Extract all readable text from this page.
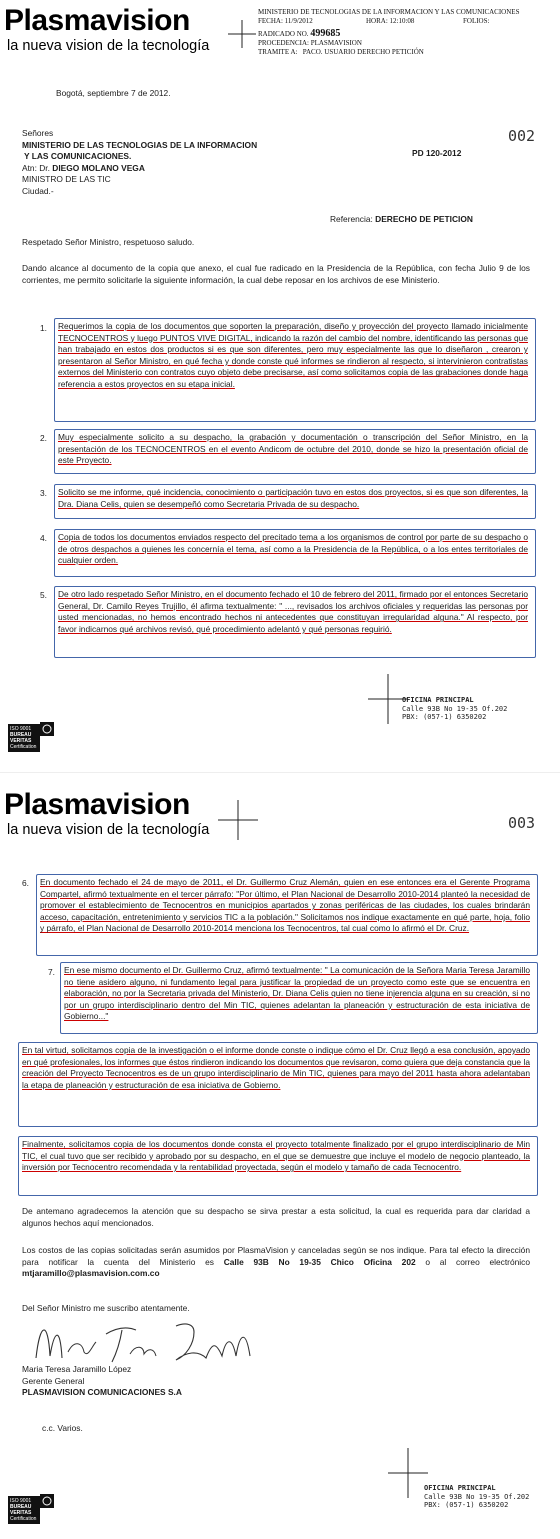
Plasmavision
la nueva vision de la tecnología
MINISTERIO DE TECNOLOGIAS DE LA INFORMACION Y LAS COMUNICACIONES
FECHA: 11/9/2012	HORA: 12:10:08	FOLIOS:
RADICADO NO. 499685
PROCEDENCIA: PLASMAVISION
TRAMITE A: PACO. USUARIO DERECHO PETICIÓN
Bogotá, septiembre 7 de 2012.
002
Señores
MINISTERIO DE LAS TECNOLOGIAS DE LA INFORMACION
Y LAS COMUNICACIONES.
Atn: Dr. DIEGO MOLANO VEGA
MINISTRO DE LAS TIC
Ciudad.-
PD 120-2012
Referencia: DERECHO DE PETICION
Respetado Señor Ministro, respetuoso saludo.
Dando alcance al documento de la copia que anexo, el cual fue radicado en la Presidencia de la República, con fecha Julio 9 de los corrientes, me permito solicitarle la siguiente información, la cual debe reposar en los archivos de ese Ministerio.
1. Requerimos la copia de los documentos que soporten la preparación, diseño y proyección del proyecto llamado inicialmente TECNOCENTROS y luego PUNTOS VIVE DIGITAL, indicando la razón del cambio del nombre, identificando las personas que han trabajado en estos dos productos si es que son diferentes, pero muy especialmente las que lo diseñaron , crearon y presentaron al Señor Ministro, en qué fecha y donde conste qué informes se rindieron al respecto, si intervinieron contratistas externos del Ministerio con contratos cuyo objeto debe precisarse, así como solicitamos copia de las grabaciones donde haga referencia a estos proyectos en su etapa inicial.
2. Muy especialmente solicito a su despacho, la grabación y documentación o transcripción del Señor Ministro, en la presentación de los TECNOCENTROS en el evento Andicom de octubre del 2010, donde se hizo la presentación oficial de este Proyecto.
3. Solicito se me informe, qué incidencia, conocimiento o participación tuvo en estos dos proyectos, si es que son diferentes, la Dra. Diana Celis, quien se desempeñó como Secretaria Privada de su despacho.
4. Copia de todos los documentos enviados respecto del precitado tema a los organismos de control por parte de su despacho o de otros despachos a quienes les concernía el tema, así como a la Presidencia de la República, o a los entes territoriales de cualquier orden.
5. De otro lado respetado Señor Ministro, en el documento fechado el 10 de febrero del 2011, firmado por el entonces Secretario General, Dr. Camilo Reyes Trujillo, él afirma textualmente: " ..., revisados los archivos oficiales y requeridas las personas por usted mencionadas, no hemos encontrado hechos ni antecedentes que constituyan irregularidad alguna." Al respecto, por favor indicarnos qué archivos revisó, qué procedimiento adelantó y qué personas requirió.
ISO 9001
BUREAU VERITAS
Certification
OFICINA PRINCIPAL
Calle 93B No 19-35 Of.202
PBX: (057-1) 6350202
Plasmavision
la nueva vision de la tecnología	003
6. En documento fechado el 24 de mayo de 2011, el Dr. Guillermo Cruz Alemán, quien en ese entonces era el Gerente Programa Compartel, afirmó textualmente en el tercer párrafo: "Por último, el Plan Nacional de Desarrollo 2010-2014 planteó la necesidad de promover el establecimiento de Tecnocentros en municipios apartados y zonas periféricas de las ciudades, los cuales brindarán acceso, capacitación, entretenimiento y servicios TIC a la población." Solicitamos nos indique exactamente en qué parte, hoja, folio y párrafo, el Plan Nacional de Desarrollo 2010-2014 menciona los Tecnocentros, tal cual como lo afirmó el Dr. Cruz.
7. En ese mismo documento el Dr. Guillermo Cruz, afirmó textualmente: " La comunicación de la Señora Maria Teresa Jaramillo no tiene asidero alguno, ni fundamento legal para justificar la propiedad de un proyecto como este que se encuentra en elaboración, no por la Secretaria privada del Ministerio, Dr. Diana Celis quien no tiene injerencia alguna en su creación, si no por un grupo interdisciplinario dentro del Min TIC, quienes adelantan la planeación y estructuración de esta iniciativa de Gobierno..."
En tal virtud, solicitamos copia de la investigación o el informe donde conste o indique cómo el Dr. Cruz llegó a esa conclusión, apoyado en qué profesionales, los informes que éstos rindieron indicando los documentos que revisaron, como quiera que deja constancia que la creación del Proyecto Tecnocentros es de un grupo interdisciplinario de Min TIC, quienes para mayo del 2011 hasta ahora adelantaban la etapa de planeación y estructuración de esa iniciativa de Gobierno.
Finalmente, solicitamos copia de los documentos donde consta el proyecto totalmente finalizado por el grupo interdisciplinario de Min TIC, el cual tuvo que ser recibido y aprobado por su despacho, en el que se demuestre que incluye el modelo de negocio planteado, la inversión por Tecnocentro recomendada y la rentabilidad proyectada, según el modelo y tamaño de cada Tecnocentro.
De antemano agradecemos la atención que su despacho se sirva prestar a esta solicitud, la cual es requerida para dar claridad a algunos hechos aquí mencionados.
Los costos de las copias solicitadas serán asumidos por PlasmaVision y canceladas según se nos indique. Para tal efecto la dirección para notificar la cuenta del Ministerio es Calle 93B No 19-35 Chico Oficina 202 o al correo electrónico mtjaramillo@plasmavision.com.co
Del Señor Ministro me suscribo atentamente.
Maria Teresa Jaramillo López
Gerente General
PLASMAVISION COMUNICACIONES S.A
c.c. Varios.
ISO 9001
BUREAU VERITAS
Certification
OFICINA PRINCIPAL
Calle 93B No 19-35 Of.202
PBX: (057-1) 6350202
